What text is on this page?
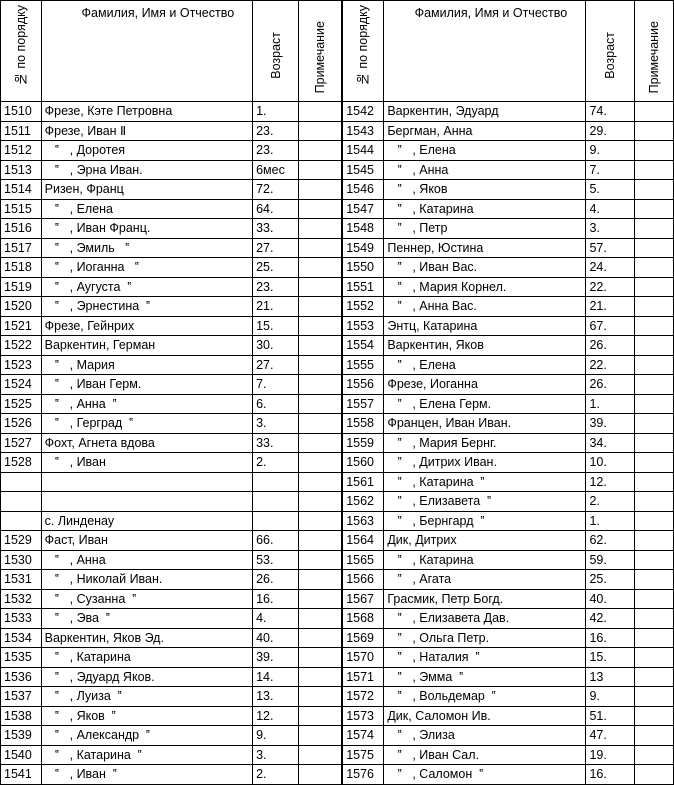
№ по порядку	Фамилия, Имя и Отчество	Возраст	Примечание	№ по порядку	Фамилия, Имя и Отчество	Возраст	Примечание

1510	Фрезе, Кэте Петровна	1.		1542	Варкентин, Эдуард	74.	
1511	Фрезе, Иван Ⅱ	23.		1543	Бергман, Анна	29.	
1512	‟   , Доротея	23.		1544	‟   , Елена	9.	
1513	‟   , Эрна Иван.	6мес		1545	‟   , Анна	7.	
1514	Ризен, Франц	72.		1546	‟   , Яков	5.	
1515	‟   , Елена	64.		1547	‟   , Катарина	4.	
1516	‟   , Иван Франц.	33.		1548	‟   , Петр	3.	
1517	‟   , Эмиль   ‟	27.		1549	Пеннер, Юстина	57.	
1518	‟   , Иоганна   ‟	25.		1550	‟   , Иван Вас.	24.	
1519	‟   , Аугуста  ‟	23.		1551	‟   , Мария Корнел.	22.	
1520	‟   , Эрнестина  ‟	21.		1552	‟   , Анна Вас.	21.	
1521	Фрезе, Гейнрих	15.		1553	Энтц, Катарина	67.	
1522	Варкентин, Герман	30.		1554	Варкентин, Яков	26.	
1523	‟   , Мария	27.		1555	‟   , Елена	22.	
1524	‟   , Иван Герм.	7.		1556	Фрезе, Иоганна	26.	
1525	‟   , Анна  ‟	6.		1557	‟   , Елена Герм.	1.	
1526	‟   , Герград  ‟	3.		1558	Францен, Иван Иван.	39.	
1527	Фохт, Агнета вдова	33.		1559	‟   , Мария Бернг.	34.	
1528	‟   , Иван	2.		1560	‟   , Дитрих Иван.	10.	
				1561	‟   , Катарина  ‟	12.	
				1562	‟   , Елизавета  ‟	2.	
	с. Линденау			1563	‟   , Бернгард  ‟	1.	
1529	Фаст, Иван	66.		1564	Дик, Дитрих	62.	
1530	‟   , Анна	53.		1565	‟   , Катарина	59.	
1531	‟   , Николай Иван.	26.		1566	‟   , Агата	25.	
1532	‟   , Сузанна  ‟	16.		1567	Грасмик, Петр Богд.	40.	
1533	‟   , Эва  ‟	4.		1568	‟   , Елизавета Дав.	42.	
1534	Варкентин, Яков Эд.	40.		1569	‟   , Ольга Петр.	16.	
1535	‟   , Катарина	39.		1570	‟   , Наталия  ‟	15.	
1536	‟   , Эдуард Яков.	14.		1571	‟   , Эмма  ‟	13	
1537	‟   , Луиза  ‟	13.		1572	‟   , Вольдемар  ‟	9.	
1538	‟   , Яков  ‟	12.		1573	Дик, Саломон Ив.	51.	
1539	‟   , Александр  ‟	9.		1574	‟   , Элиза	47.	
1540	‟   , Катарина  ‟	3.		1575	‟   , Иван Сал.	19.	
1541	‟   , Иван  ‟	2.		1576	‟   , Саломон  ‟	16.	
